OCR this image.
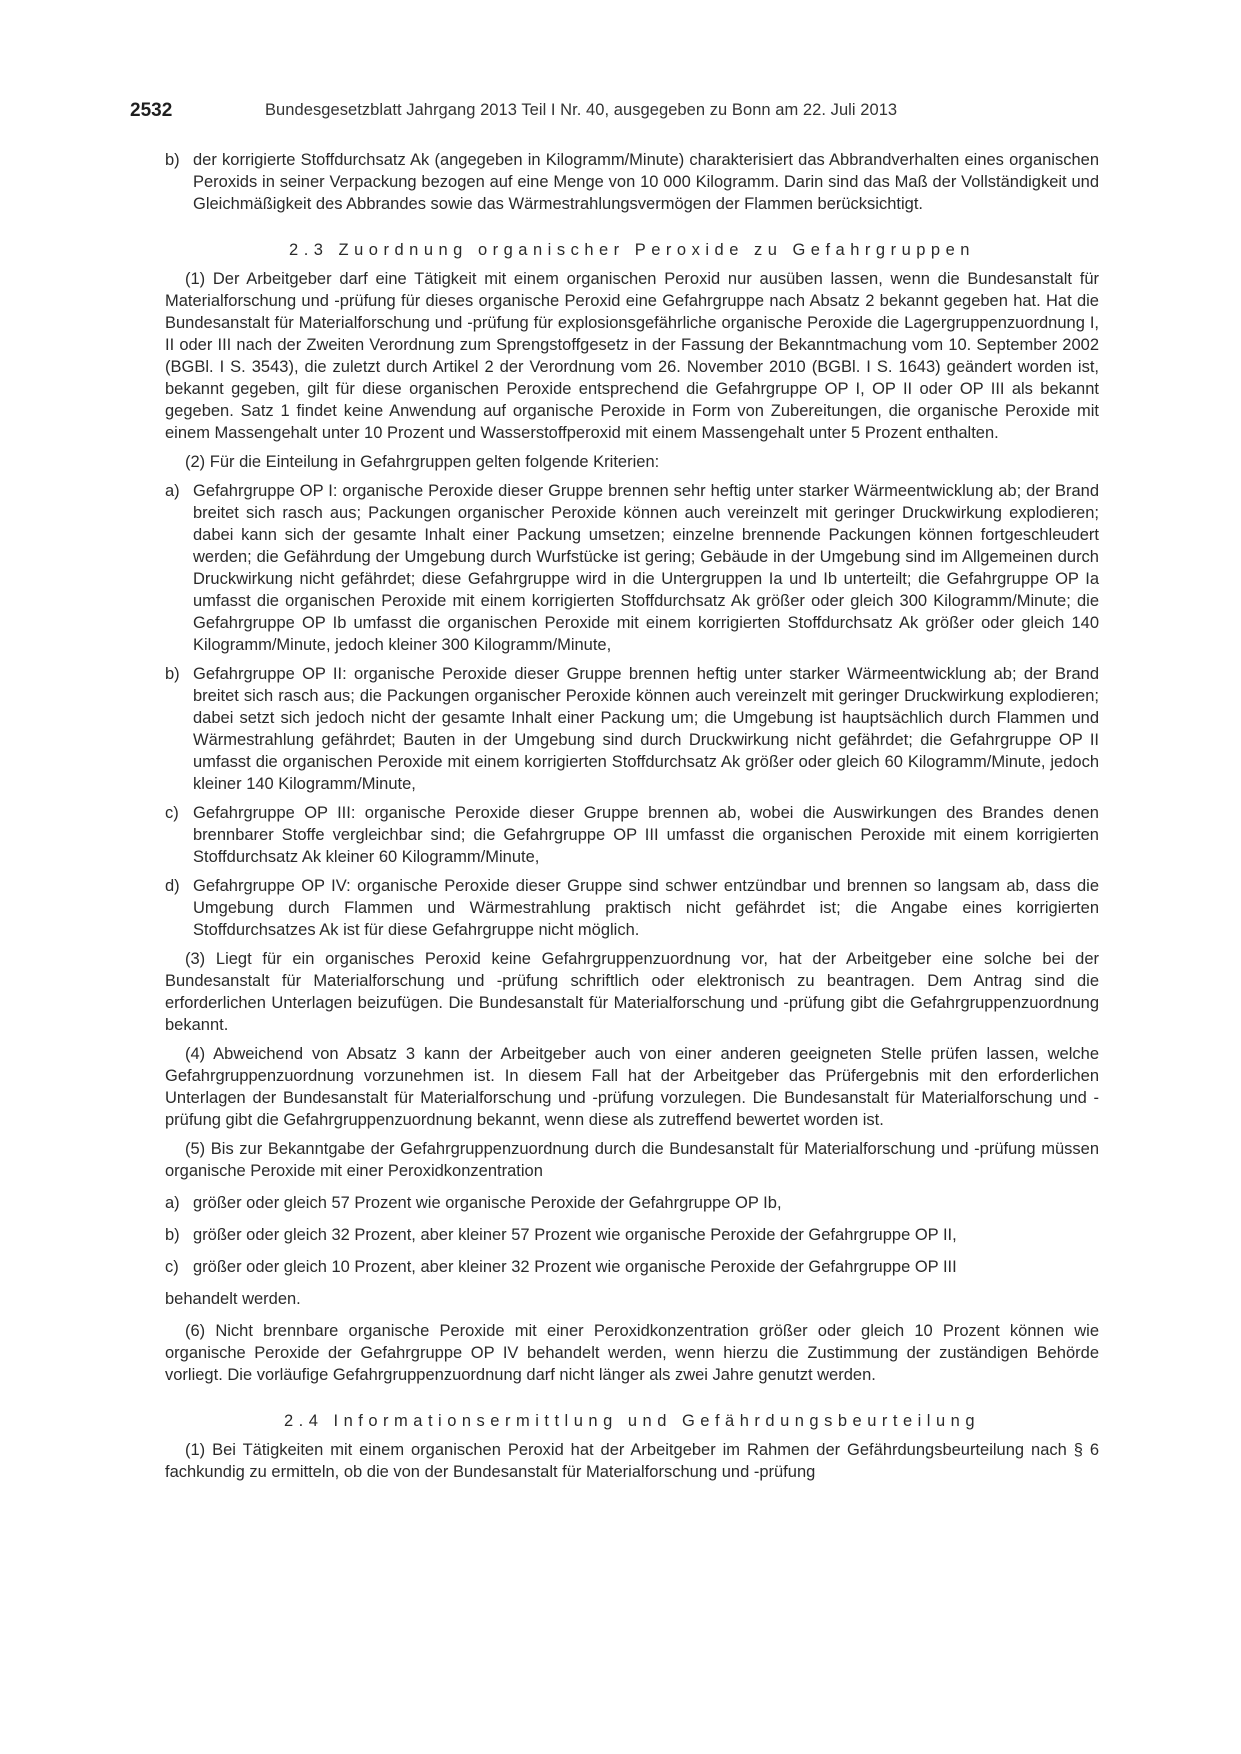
2532	Bundesgesetzblatt Jahrgang 2013 Teil I Nr. 40, ausgegeben zu Bonn am 22. Juli 2013
b) der korrigierte Stoffdurchsatz Ak (angegeben in Kilogramm/Minute) charakterisiert das Abbrandverhalten eines organischen Peroxids in seiner Verpackung bezogen auf eine Menge von 10 000 Kilogramm. Darin sind das Maß der Vollständigkeit und Gleichmäßigkeit des Abbrandes sowie das Wärmestrahlungsvermögen der Flammen berücksichtigt.

2.3 Zuordnung organischer Peroxide zu Gefahrgruppen

(1) Der Arbeitgeber darf eine Tätigkeit mit einem organischen Peroxid nur ausüben lassen, wenn die Bundesanstalt für Materialforschung und -prüfung für dieses organische Peroxid eine Gefahrgruppe nach Absatz 2 bekannt gegeben hat. Hat die Bundesanstalt für Materialforschung und -prüfung für explosionsgefährliche organische Peroxide die Lagergruppenzuordnung I, II oder III nach der Zweiten Verordnung zum Sprengstoffgesetz in der Fassung der Bekanntmachung vom 10. September 2002 (BGBl. I S. 3543), die zuletzt durch Artikel 2 der Verordnung vom 26. November 2010 (BGBl. I S. 1643) geändert worden ist, bekannt gegeben, gilt für diese organischen Peroxide entsprechend die Gefahrgruppe OP I, OP II oder OP III als bekannt gegeben. Satz 1 findet keine Anwendung auf organische Peroxide in Form von Zubereitungen, die organische Peroxide mit einem Massengehalt unter 10 Prozent und Wasserstoffperoxid mit einem Massengehalt unter 5 Prozent enthalten.

(2) Für die Einteilung in Gefahrgruppen gelten folgende Kriterien:

a) Gefahrgruppe OP I: organische Peroxide dieser Gruppe brennen sehr heftig unter starker Wärmeentwicklung ab; der Brand breitet sich rasch aus; Packungen organischer Peroxide können auch vereinzelt mit geringer Druckwirkung explodieren; dabei kann sich der gesamte Inhalt einer Packung umsetzen; einzelne brennende Packungen können fortgeschleudert werden; die Gefährdung der Umgebung durch Wurfstücke ist gering; Gebäude in der Umgebung sind im Allgemeinen durch Druckwirkung nicht gefährdet; diese Gefahrgruppe wird in die Untergruppen Ia und Ib unterteilt; die Gefahrgruppe OP Ia umfasst die organischen Peroxide mit einem korrigierten Stoffdurchsatz Ak größer oder gleich 300 Kilogramm/Minute; die Gefahrgruppe OP Ib umfasst die organischen Peroxide mit einem korrigierten Stoffdurchsatz Ak größer oder gleich 140 Kilogramm/Minute, jedoch kleiner 300 Kilogramm/Minute,
b) Gefahrgruppe OP II: organische Peroxide dieser Gruppe brennen heftig unter starker Wärmeentwicklung ab; der Brand breitet sich rasch aus; die Packungen organischer Peroxide können auch vereinzelt mit geringer Druckwirkung explodieren; dabei setzt sich jedoch nicht der gesamte Inhalt einer Packung um; die Umgebung ist hauptsächlich durch Flammen und Wärmestrahlung gefährdet; Bauten in der Umgebung sind durch Druckwirkung nicht gefährdet; die Gefahrgruppe OP II umfasst die organischen Peroxide mit einem korrigierten Stoffdurchsatz Ak größer oder gleich 60 Kilogramm/Minute, jedoch kleiner 140 Kilogramm/Minute,
c) Gefahrgruppe OP III: organische Peroxide dieser Gruppe brennen ab, wobei die Auswirkungen des Brandes denen brennbarer Stoffe vergleichbar sind; die Gefahrgruppe OP III umfasst die organischen Peroxide mit einem korrigierten Stoffdurchsatz Ak kleiner 60 Kilogramm/Minute,
d) Gefahrgruppe OP IV: organische Peroxide dieser Gruppe sind schwer entzündbar und brennen so langsam ab, dass die Umgebung durch Flammen und Wärmestrahlung praktisch nicht gefährdet ist; die Angabe eines korrigierten Stoffdurchsatzes Ak ist für diese Gefahrgruppe nicht möglich.

(3) Liegt für ein organisches Peroxid keine Gefahrgruppenzuordnung vor, hat der Arbeitgeber eine solche bei der Bundesanstalt für Materialforschung und -prüfung schriftlich oder elektronisch zu beantragen. Dem Antrag sind die erforderlichen Unterlagen beizufügen. Die Bundesanstalt für Materialforschung und -prüfung gibt die Gefahrgruppenzuordnung bekannt.

(4) Abweichend von Absatz 3 kann der Arbeitgeber auch von einer anderen geeigneten Stelle prüfen lassen, welche Gefahrgruppenzuordnung vorzunehmen ist. In diesem Fall hat der Arbeitgeber das Prüfergebnis mit den erforderlichen Unterlagen der Bundesanstalt für Materialforschung und -prüfung vorzulegen. Die Bundesanstalt für Materialforschung und -prüfung gibt die Gefahrgruppenzuordnung bekannt, wenn diese als zutreffend bewertet worden ist.

(5) Bis zur Bekanntgabe der Gefahrgruppenzuordnung durch die Bundesanstalt für Materialforschung und -prüfung müssen organische Peroxide mit einer Peroxidkonzentration

a) größer oder gleich 57 Prozent wie organische Peroxide der Gefahrgruppe OP Ib,
b) größer oder gleich 32 Prozent, aber kleiner 57 Prozent wie organische Peroxide der Gefahrgruppe OP II,
c) größer oder gleich 10 Prozent, aber kleiner 32 Prozent wie organische Peroxide der Gefahrgruppe OP III

behandelt werden.

(6) Nicht brennbare organische Peroxide mit einer Peroxidkonzentration größer oder gleich 10 Prozent können wie organische Peroxide der Gefahrgruppe OP IV behandelt werden, wenn hierzu die Zustimmung der zuständigen Behörde vorliegt. Die vorläufige Gefahrgruppenzuordnung darf nicht länger als zwei Jahre genutzt werden.

2.4 Informationsermittlung und Gefährdungsbeurteilung

(1) Bei Tätigkeiten mit einem organischen Peroxid hat der Arbeitgeber im Rahmen der Gefährdungsbeurteilung nach § 6 fachkundig zu ermitteln, ob die von der Bundesanstalt für Materialforschung und -prüfung
